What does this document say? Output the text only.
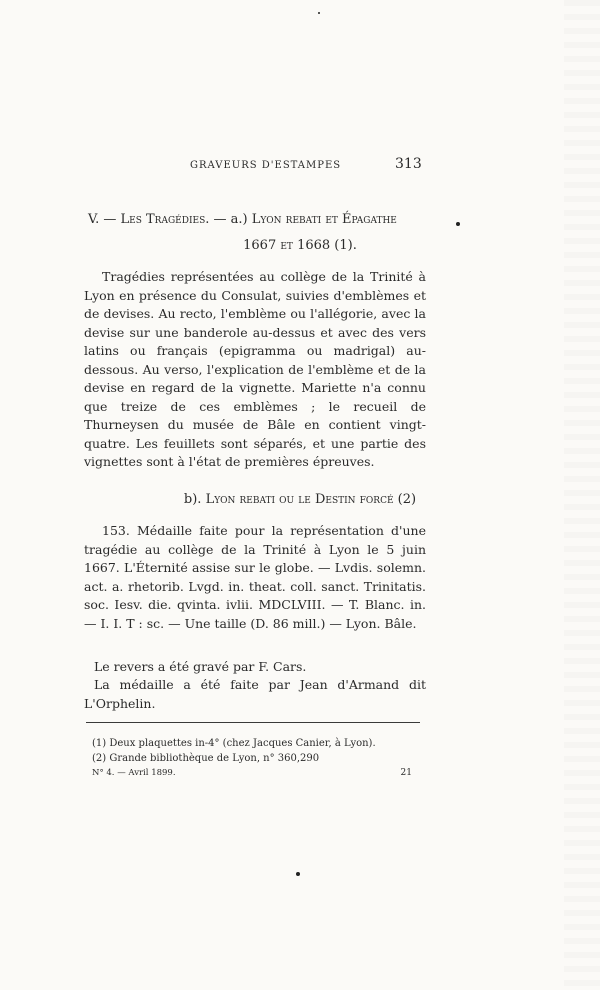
GRAVEURS D'ESTAMPES	313
V. — Les Tragédies. — a.) Lyon rebati et Épagathe
1667 et 1668 (1).

Tragédies représentées au collège de la Trinité à Lyon en présence du Consulat, suivies d'emblèmes et de devises. Au recto, l'emblème ou l'allégorie, avec la devise sur une banderole au-dessus et avec des vers latins ou français (epigramma ou madrigal) au-dessous. Au verso, l'explication de l'emblème et de la devise en regard de la vignette. Mariette n'a connu que treize de ces emblèmes ; le recueil de Thurneysen du musée de Bâle en contient vingt-quatre. Les feuillets sont séparés, et une partie des vignettes sont à l'état de premières épreuves.

b). Lyon rebati ou le Destin forcé (2)

153. Médaille faite pour la représentation d'une tragédie au collège de la Trinité à Lyon le 5 juin 1667. L'Éternité assise sur le globe. — Lvdis. solemn. act. a. rhetorib. Lvgd. in. theat. coll. sanct. Trinitatis. soc. Iesv. die. qvinta. ivlii. MDCLVIII. — T. Blanc. in. — I. I. T : sc. — Une taille (D. 86 mill.) — Lyon. Bâle.

Le revers a été gravé par F. Cars.

La médaille a été faite par Jean d'Armand dit L'Orphelin.

(1) Deux plaquettes in-4° (chez Jacques Canier, à Lyon).

(2) Grande bibliothèque de Lyon, n° 360,290

N° 4. — Avril 1899.	21
